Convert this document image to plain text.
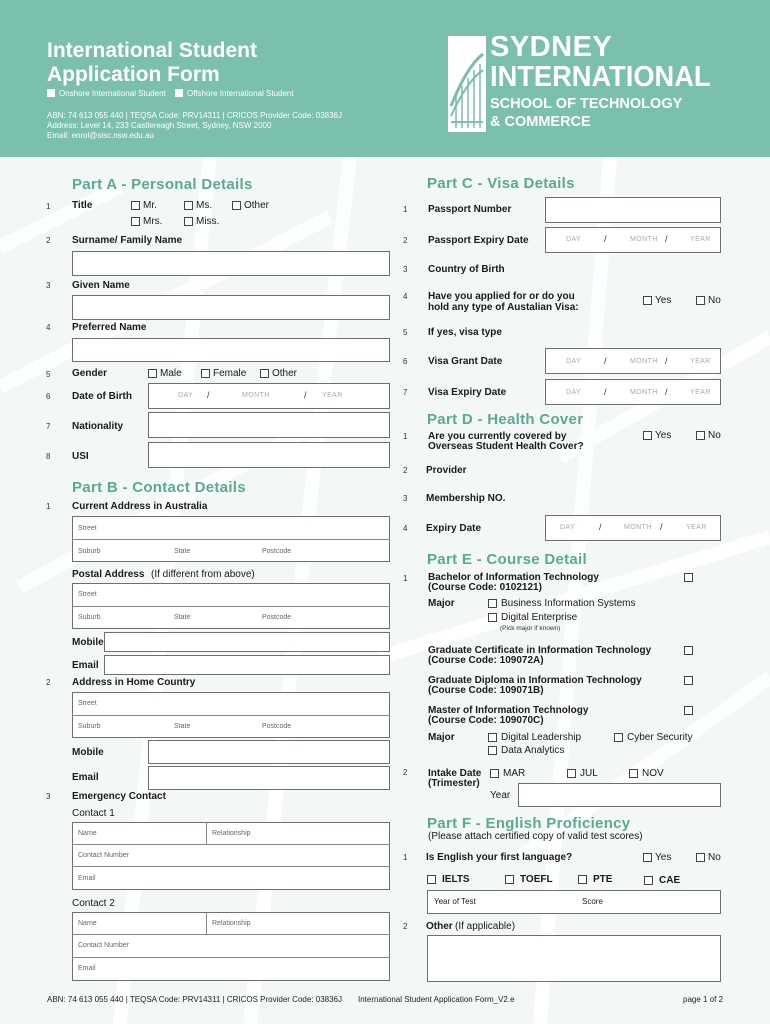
International Student
Application Form
Onshore International Student	Offshore International Student
ABN: 74 613 055 440 | TEQSA Code: PRV14311 | CRICOS Provider Code: 03836J
Address: Level 14, 233 Castlereagh Street, Sydney, NSW 2000
Email: enrol@sisc.nsw.edu.au
SYDNEY
INTERNATIONAL
SCHOOL OF TECHNOLOGY
& COMMERCE
Part A - Personal Details
1 Title	Mr.	Ms.	Other
Mrs.	Miss.
2 Surname/ Family Name
3 Given Name
4 Preferred Name
5 Gender	Male	Female	Other
6 Date of Birth	DAY /	MONTH	/ YEAR
7 Nationality
8 USI
Part B - Contact Details
1 Current Address in Australia
Street
Suburb	State	Postcode
Postal Address (If different from above)
Street
Suburb	State	Postcode
Mobile
Email
2 Address in Home Country
Street
Suburb	State	Postcode
Mobile
Email
3 Emergency Contact
Contact 1
Name	Relationship
Contact Number
Email
Contact 2
Name	Relationship
Contact Number
Email
Part C - Visa Details
1 Passport Number
2 Passport Expiry Date	DAY	/	MONTH /	YEAR
3 Country of Birth
4 Have you applied for or do you
hold any type of Austalian Visa:
Yes	No
5 If yes, visa type
6 Visa Grant Date	DAY	/	MONTH /	YEAR
7 Visa Expiry Date	DAY	/	MONTH /	YEAR
Part D - Health Cover
1 Are you currently covered by
Overseas Student Health Cover?
Yes	No
2 Provider
3 Membership NO.
4 Expiry Date	DAY	/	MONTH /	YEAR
Part E - Course Detail
1 Bachelor of Information Technology
(Course Code: 0102121)
Major	Business Information Systems
Digital Enterprise
(Pick major if known)
Graduate Certificate in Information Technology
(Course Code: 109072A)
Graduate Diploma in Information Technology
(Course Code: 109071B)
Master of Information Technology
(Course Code: 109070C)
Major	Digital Leadership	Cyber Security
Data Analytics
2 Intake Date
(Trimester)
MAR	JUL	NOV
Year
Part F - English Proficiency
(Please attach certified copy of valid test scores)
1 Is English your first language?	Yes	No
IELTS	TOEFL	PTE	CAE
Year of Test	Score
2 Other (If applicable)
ABN: 74 613 055 440 | TEQSA Code: PRV14311 | CRICOS Provider Code: 03836J International Student Application Form_V2.e	page 1 of 2
